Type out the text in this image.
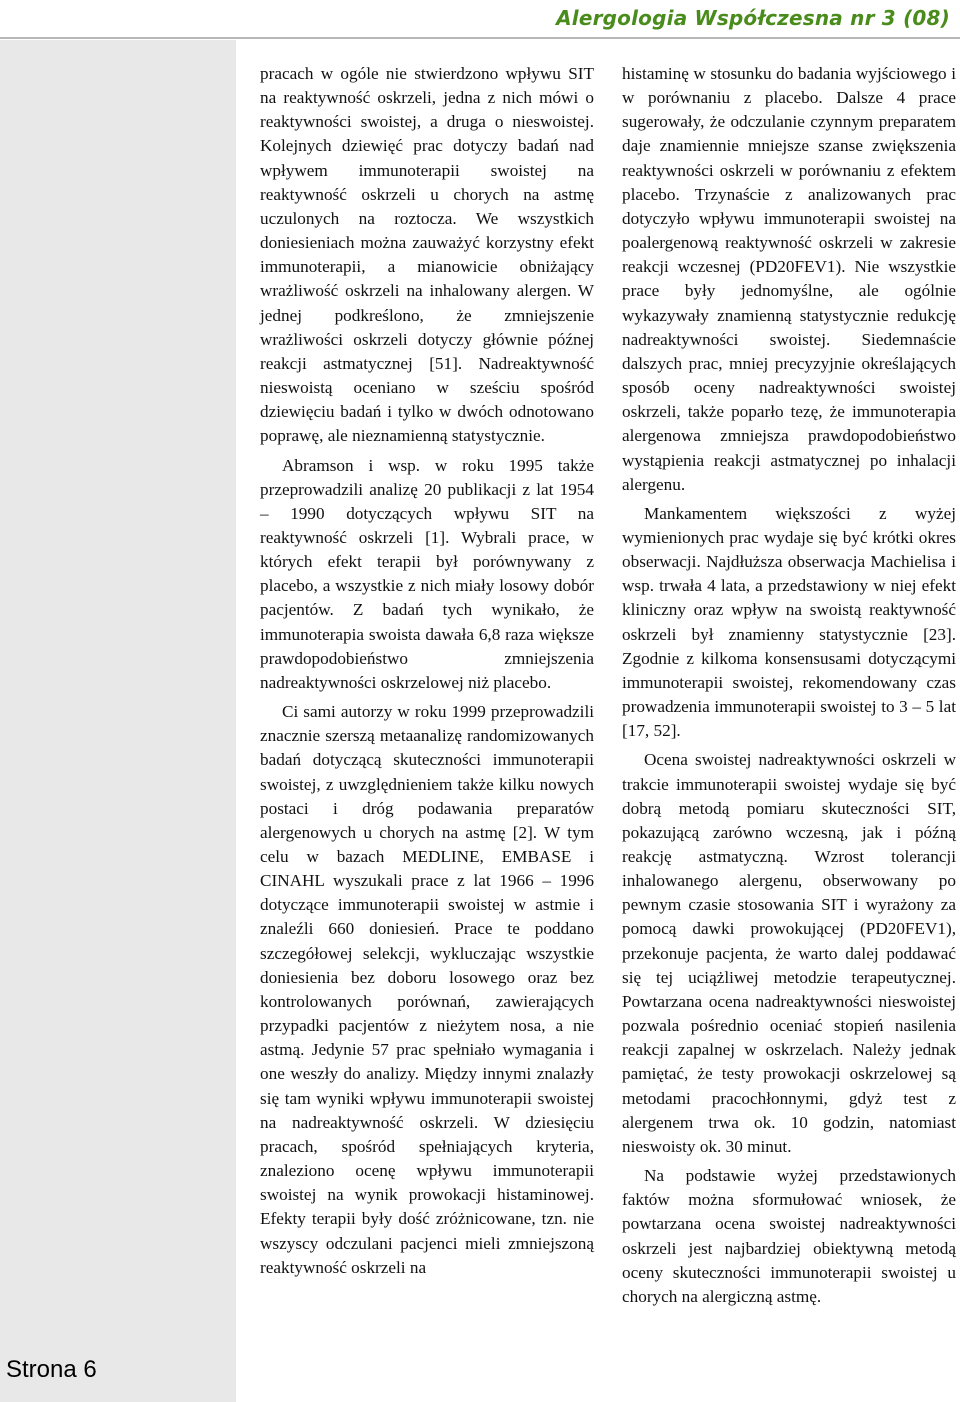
Alergologia Współczesna nr 3 (08)
Strona 6

pracach w ogóle nie stwierdzono wpływu SIT na reaktywność oskrzeli, jedna z nich mówi o reaktywności swoistej, a druga o nieswoistej. Kolejnych dziewięć prac dotyczy badań nad wpływem immunoterapii swoistej na reaktywność oskrzeli u chorych na astmę uczulonych na roztocza. We wszystkich doniesieniach można zauważyć korzystny efekt immunoterapii, a mianowicie obniżający wrażliwość oskrzeli na inhalowany alergen. W jednej podkreślono, że zmniejszenie wrażliwości oskrzeli dotyczy głównie późnej reakcji astmatycznej [51]. Nadreaktywność nieswoistą oceniano w sześciu spośród dziewięciu badań i tylko w dwóch odnotowano poprawę, ale nieznamienną statystycznie.

Abramson i wsp. w roku 1995 także przeprowadzili analizę 20 publikacji z lat 1954 – 1990 dotyczących wpływu SIT na reaktywność oskrzeli [1]. Wybrali prace, w których efekt terapii był porównywany z placebo, a wszystkie z nich miały losowy dobór pacjentów. Z badań tych wynikało, że immunoterapia swoista dawała 6,8 raza większe prawdopodobieństwo zmniejszenia nadreaktywności oskrzelowej niż placebo.

Ci sami autorzy w roku 1999 przeprowadzili znacznie szerszą metaanalizę randomizowanych badań dotyczącą skuteczności immunoterapii swoistej, z uwzględnieniem także kilku nowych postaci i dróg podawania preparatów alergenowych u chorych na astmę [2]. W tym celu w bazach MEDLINE, EMBASE i CINAHL wyszukali prace z lat 1966 – 1996 dotyczące immunoterapii swoistej w astmie i znaleźli 660 doniesień. Prace te poddano szczegółowej selekcji, wykluczając wszystkie doniesienia bez doboru losowego oraz bez kontrolowanych porównań, zawierających przypadki pacjentów z nieżytem nosa, a nie astmą. Jedynie 57 prac spełniało wymagania i one weszły do analizy. Między innymi znalazły się tam wyniki wpływu immunoterapii swoistej na nadreaktywność oskrzeli. W dziesięciu pracach, spośród spełniających kryteria, znaleziono ocenę wpływu immunoterapii swoistej na wynik prowokacji histaminowej. Efekty terapii były dość zróżnicowane, tzn. nie wszyscy odczulani pacjenci mieli zmniejszoną reaktywność oskrzeli na

histaminę w stosunku do badania wyjściowego i w porównaniu z placebo. Dalsze 4 prace sugerowały, że odczulanie czynnym preparatem daje znamiennie mniejsze szanse zwiększenia reaktywności oskrzeli w porównaniu z efektem placebo. Trzynaście z analizowanych prac dotyczyło wpływu immunoterapii swoistej na poalergenową reaktywność oskrzeli w zakresie reakcji wczesnej (PD20FEV1). Nie wszystkie prace były jednomyślne, ale ogólnie wykazywały znamienną statystycznie redukcję nadreaktywności swoistej. Siedemnaście dalszych prac, mniej precyzyjnie określających sposób oceny nadreaktywności swoistej oskrzeli, także poparło tezę, że immunoterapia alergenowa zmniejsza prawdopodobieństwo wystąpienia reakcji astmatycznej po inhalacji alergenu.

Mankamentem większości z wyżej wymienionych prac wydaje się być krótki okres obserwacji. Najdłuższa obserwacja Machielisa i wsp. trwała 4 lata, a przedstawiony w niej efekt kliniczny oraz wpływ na swoistą reaktywność oskrzeli był znamienny statystycznie [23]. Zgodnie z kilkoma konsensusami dotyczącymi immunoterapii swoistej, rekomendowany czas prowadzenia immunoterapii swoistej to 3 – 5 lat [17, 52].

Ocena swoistej nadreaktywności oskrzeli w trakcie immunoterapii swoistej wydaje się być dobrą metodą pomiaru skuteczności SIT, pokazującą zarówno wczesną, jak i późną reakcję astmatyczną. Wzrost tolerancji inhalowanego alergenu, obserwowany po pewnym czasie stosowania SIT i wyrażony za pomocą dawki prowokującej (PD20FEV1), przekonuje pacjenta, że warto dalej poddawać się tej uciążliwej metodzie terapeutycznej. Powtarzana ocena nadreaktywności nieswoistej pozwala pośrednio oceniać stopień nasilenia reakcji zapalnej w oskrzelach. Należy jednak pamiętać, że testy prowokacji oskrzelowej są metodami pracochłonnymi, gdyż test z alergenem trwa ok. 10 godzin, natomiast nieswoisty ok. 30 minut.

Na podstawie wyżej przedstawionych faktów można sformułować wniosek, że powtarzana ocena swoistej nadreaktywności oskrzeli jest najbardziej obiektywną metodą oceny skuteczności immunoterapii swoistej u chorych na alergiczną astmę.
